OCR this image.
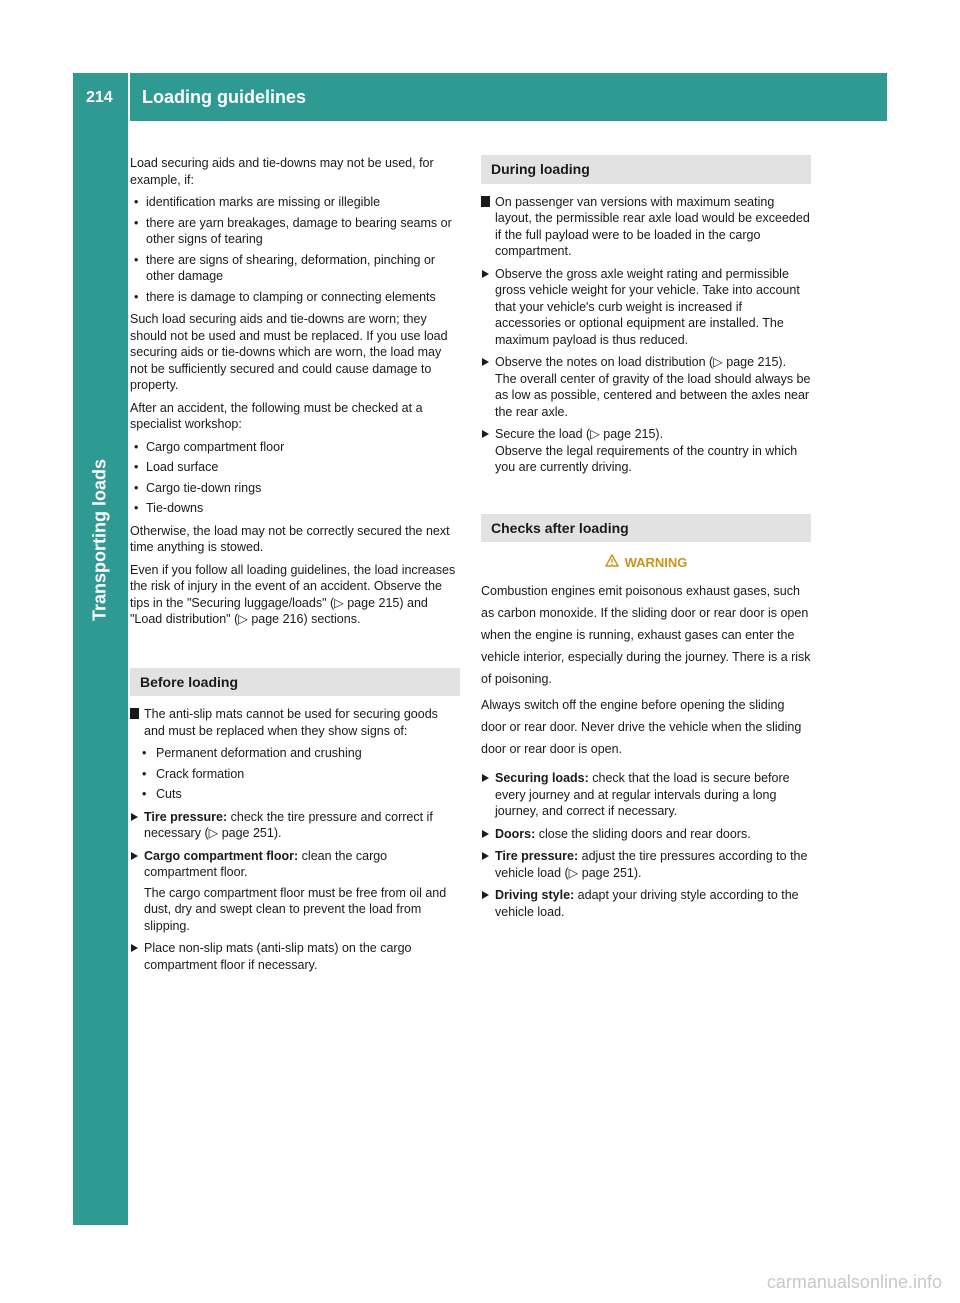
214 Loading guidelines
Transporting loads

Load securing aids and tie-downs may not be used, for example, if:

• identification marks are missing or illegible
• there are yarn breakages, damage to bearing seams or other signs of tearing
• there are signs of shearing, deformation, pinching or other damage
• there is damage to clamping or connecting elements

Such load securing aids and tie-downs are worn; they should not be used and must be replaced. If you use load securing aids or tie-downs which are worn, the load may not be sufficiently secured and could cause damage to property.

After an accident, the following must be checked at a specialist workshop:

• Cargo compartment floor
• Load surface
• Cargo tie-down rings
• Tie-downs

Otherwise, the load may not be correctly secured the next time anything is stowed.

Even if you follow all loading guidelines, the load increases the risk of injury in the event of an accident. Observe the tips in the "Securing luggage/loads" (▷ page 215) and "Load distribution" (▷ page 216) sections.

Before loading
The anti-slip mats cannot be used for securing goods and must be replaced when they show signs of:
• Permanent deformation and crushing
• Crack formation
• Cuts
Tire pressure: check the tire pressure and correct if necessary (▷ page 251).
Cargo compartment floor: clean the cargo compartment floor.
The cargo compartment floor must be free from oil and dust, dry and swept clean to prevent the load from slipping.
Place non-slip mats (anti-slip mats) on the cargo compartment floor if necessary.
During loading
On passenger van versions with maximum seating layout, the permissible rear axle load would be exceeded if the full payload were to be loaded in the cargo compartment.
Observe the gross axle weight rating and permissible gross vehicle weight for your vehicle. Take into account that your vehicle's curb weight is increased if accessories or optional equipment are installed. The maximum payload is thus reduced.
Observe the notes on load distribution (▷ page 215).
The overall center of gravity of the load should always be as low as possible, centered and between the axles near the rear axle.
Secure the load (▷ page 215).
Observe the legal requirements of the country in which you are currently driving.
Checks after loading
WARNING

Combustion engines emit poisonous exhaust gases, such as carbon monoxide. If the sliding door or rear door is open when the engine is running, exhaust gases can enter the vehicle interior, especially during the journey. There is a risk of poisoning.

Always switch off the engine before opening the sliding door or rear door. Never drive the vehicle when the sliding door or rear door is open.

Securing loads: check that the load is secure before every journey and at regular intervals during a long journey, and correct if necessary.
Doors: close the sliding doors and rear doors.
Tire pressure: adjust the tire pressures according to the vehicle load (▷ page 251).
Driving style: adapt your driving style according to the vehicle load.
carmanualsonline.info
